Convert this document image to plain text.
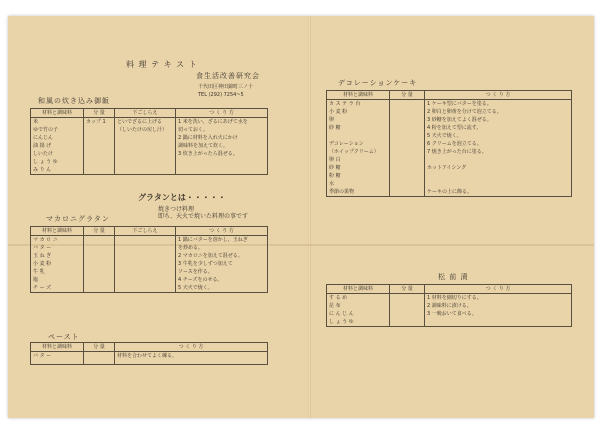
料 理 テ キ ス ト
食生活改善研究会
千代田区神田錦町三ノ十
TEL (292) 7254~5
和風の炊き込み御飯
材料と調味料	分 量	下ごしらえ	つ く り 方
米	カップ 1	といでざるに上げる	1 米を洗い、ざるにあげて水を
ゆで竹の子		（しいたけの戻し汁）	切っておく。
にんじん			2 鍋に材料を入れ火にかけ
油 揚 げ			調味料を加えて炊く。
しいたけ			3 炊き上がったら混ぜる。
し ょ う ゆ			
み り ん			
グラタンとは・・・・・
焼きつけ料理
即ち、天火で焼いた料理の事です
マカロニグラタン
材料と調味料	分 量	下ごしらえ	つ く り 方
マ カ ロ ニ			1 鍋にバターを溶かし、玉ねぎ
バ タ ー			を炒める。
玉 ね ぎ			2 マカロニを加えて混ぜる。
小 麦 粉			3 牛乳を少しずつ加えて
牛 乳			ソースを作る。
塩			4 チーズをのせる。
チ ー ズ			5 天火で焼く。
ペースト
材料と調味料	分 量	つ く り 方
バ タ ー		材料を合わせてよく練る。

デコレーションケーキ
材料と調味料	分 量	つ く り 方
カ ス テ ラ 台		1 ケーキ型にバターを塗る。
小 麦 粉		2 卵白と卵黄を分けて泡立てる。
卵		3 砂糖を加えてよく混ぜる。
砂 糖		4 粉を加えて型に流す。
		5 天火で焼く。
デコレーション		6 クリームを泡立てる。
（ホイップクリーム）		7 焼き上がった台に塗る。
卵 白		
砂 糖		ホットアイシング
粉 糖		
水		
季節の果物		ケーキの上に飾る。
松 前 漬
材料と調味料	分 量	つ く り 方
す る め		1 材料を細切りにする。
昆 布		2 調味料に漬ける。
に ん じ ん		3 一晩おいて食べる。
し ょ う ゆ		
